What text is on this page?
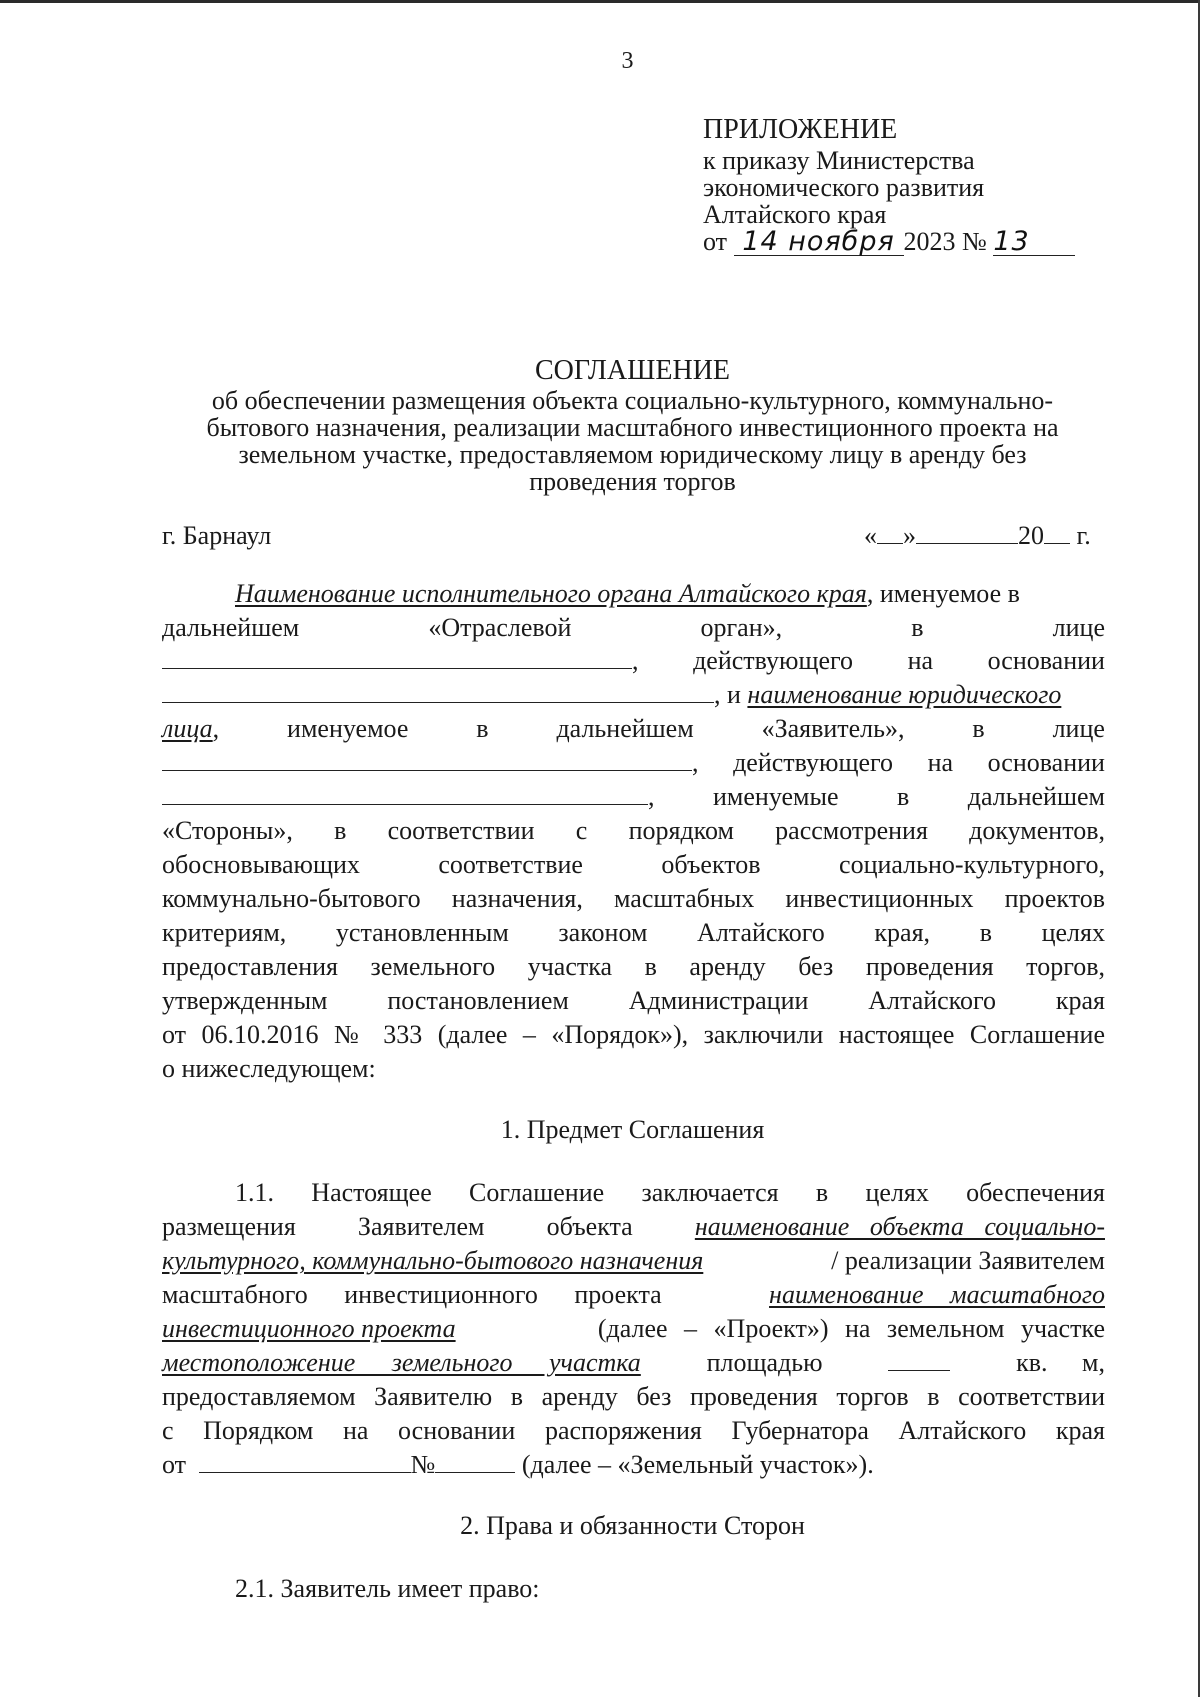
3
ПРИЛОЖЕНИЕ
к приказу Министерства
экономического развития
Алтайского края
от 14 ноября 2023 № 13
СОГЛАШЕНИЕ
об обеспечении размещения объекта социально-культурного, коммунально-
бытового назначения, реализации масштабного инвестиционного проекта на
земельном участке, предоставляемом юридическому лицу в аренду без
проведения торгов
г. Барнаул	« »	20 г.
Наименование исполнительного органа Алтайского края, именуемое в
дальнейшем	«Отраслевой	орган»,	в	лице
, действующего на основании
, и наименование юридического
лица,	именуемое	в	дальнейшем	«Заявитель»,	в	лице
, действующего на основании
, именуемые в дальнейшем
«Стороны», в соответствии с порядком рассмотрения документов,
обосновывающих соответствие объектов социально-культурного,
коммунально-бытового назначения, масштабных инвестиционных проектов
критериям, установленным законом Алтайского края, в целях
предоставления земельного участка в аренду без проведения торгов,
утвержденным постановлением Администрации Алтайского края
от 06.10.2016 № 333 (далее – «Порядок»), заключили настоящее Соглашение
о нижеследующем:
1. Предмет Соглашения
1.1. Настоящее Соглашение заключается в целях обеспечения
размещения Заявителем объекта наименование объекта социально-
культурного, коммунально-бытового назначения	/ реализации Заявителем
масштабного инвестиционного проекта	наименование масштабного
инвестиционного проекта	(далее – «Проект») на земельном участке
местоположение земельного участка	площадью	кв. м,
предоставляемом Заявителю в аренду без проведения торгов в соответствии
с Порядком на основании распоряжения Губернатора Алтайского края
от	№	(далее – «Земельный участок»).
2. Права и обязанности Сторон
2.1. Заявитель имеет право:
